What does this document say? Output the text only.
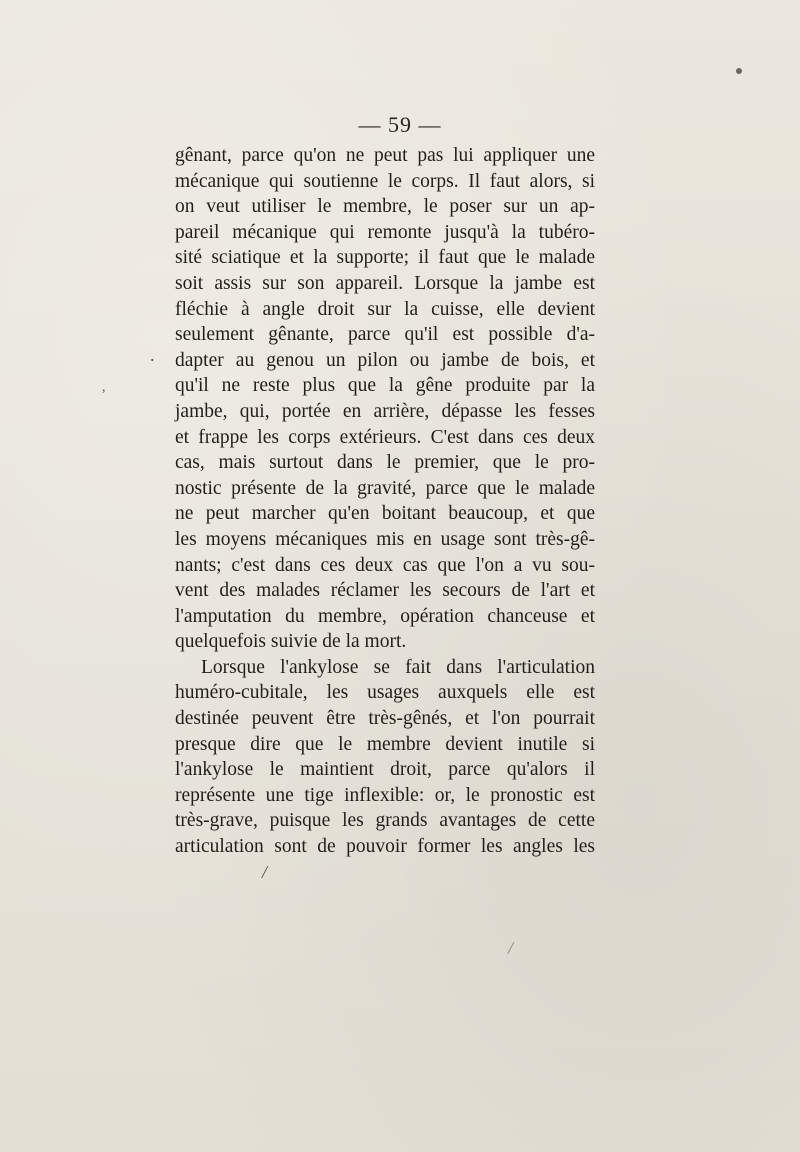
— 59 —
gênant, parce qu'on ne peut pas lui appliquer une
mécanique qui soutienne le corps. Il faut alors, si
on veut utiliser le membre, le poser sur un ap-
pareil mécanique qui remonte jusqu'à la tubéro-
sité sciatique et la supporte; il faut que le malade
soit assis sur son appareil. Lorsque la jambe est
fléchie à angle droit sur la cuisse, elle devient
seulement gênante, parce qu'il est possible d'a-
dapter au genou un pilon ou jambe de bois, et
qu'il ne reste plus que la gêne produite par la
jambe, qui, portée en arrière, dépasse les fesses
et frappe les corps extérieurs. C'est dans ces deux
cas, mais surtout dans le premier, que le pro-
nostic présente de la gravité, parce que le malade
ne peut marcher qu'en boitant beaucoup, et que
les moyens mécaniques mis en usage sont très-gê-
nants; c'est dans ces deux cas que l'on a vu sou-
vent des malades réclamer les secours de l'art et
l'amputation du membre, opération chanceuse et
quelquefois suivie de la mort.
Lorsque l'ankylose se fait dans l'articulation
huméro-cubitale, les usages auxquels elle est
destinée peuvent être très-gênés, et l'on pourrait
presque dire que le membre devient inutile si
l'ankylose le maintient droit, parce qu'alors il
représente une tige inflexible: or, le pronostic est
très-grave, puisque les grands avantages de cette
articulation sont de pouvoir former les angles les
.
,
/
/
